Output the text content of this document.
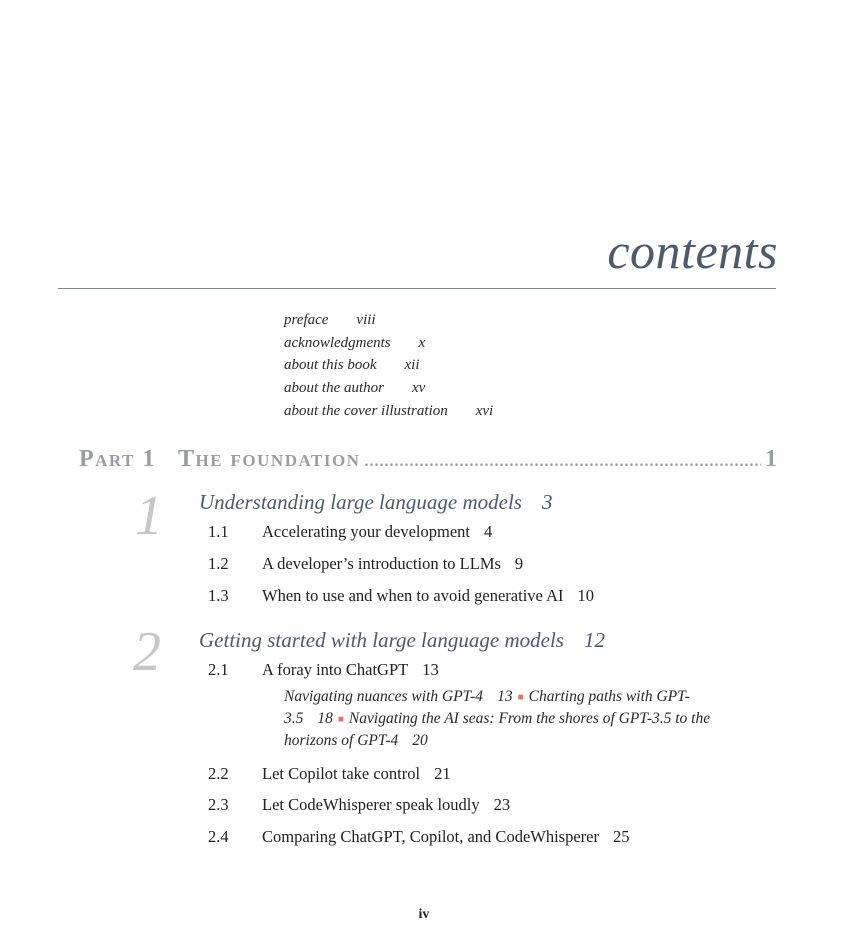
contents
preface viii
acknowledgments x
about this book xii
about the author xv
about the cover illustration xvi
Part 1 The foundation
.....	1
1 Understanding large language models 3
1.1 Accelerating your development 4
1.2 A developer’s introduction to LLMs 9
1.3 When to use and when to avoid generative AI 10
2 Getting started with large language models 12
2.1 A foray into ChatGPT 13
Navigating nuances with GPT-4 13 ■ Charting paths with GPT-3.5 18 ■ Navigating the AI seas: From the shores of GPT-3.5 to the horizons of GPT-4 20
2.2 Let Copilot take control 21
2.3 Let CodeWhisperer speak loudly 23
2.4 Comparing ChatGPT, Copilot, and CodeWhisperer 25
iv
